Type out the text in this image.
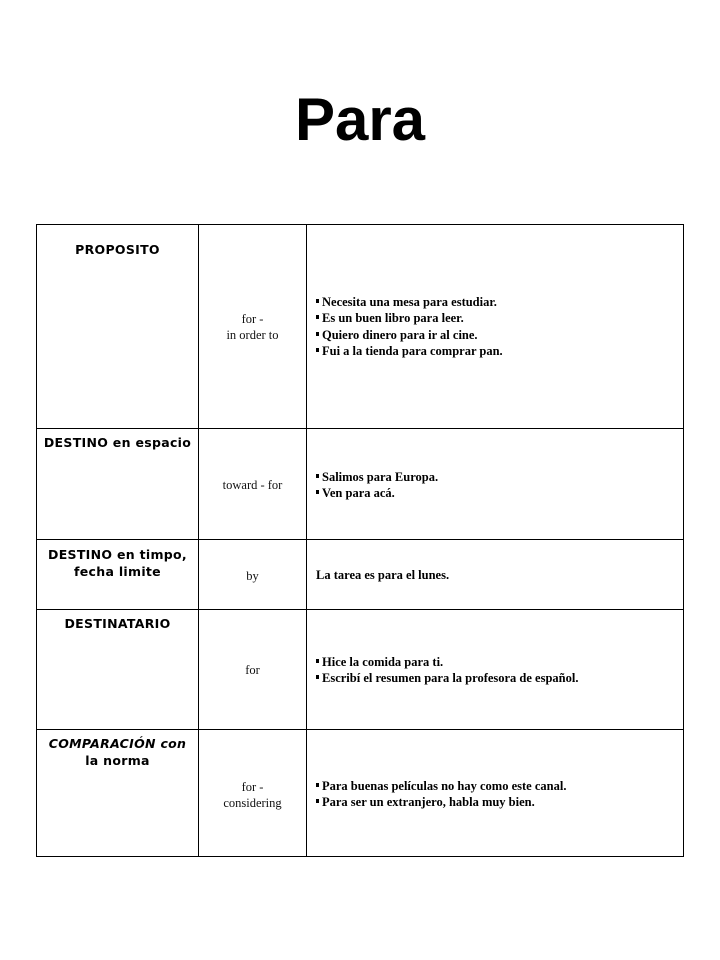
Para
PROPOSITO
for -
in order to
Necesita una mesa para estudiar.
Es un buen libro para leer.
Quiero dinero para ir al cine.
Fui a la tienda para comprar pan.
DESTINO en espacio
toward - for
Salimos para Europa.
Ven para acá.
DESTINO en timpo,
fecha limite	by	La tarea es para el lunes.
DESTINATARIO
for
Hice la comida para ti.
Escribí el resumen para la profesora de español.
COMPARACIÓN con
la norma
for -
considering
Para buenas películas no hay como este canal.
Para ser un extranjero, habla muy bien.
